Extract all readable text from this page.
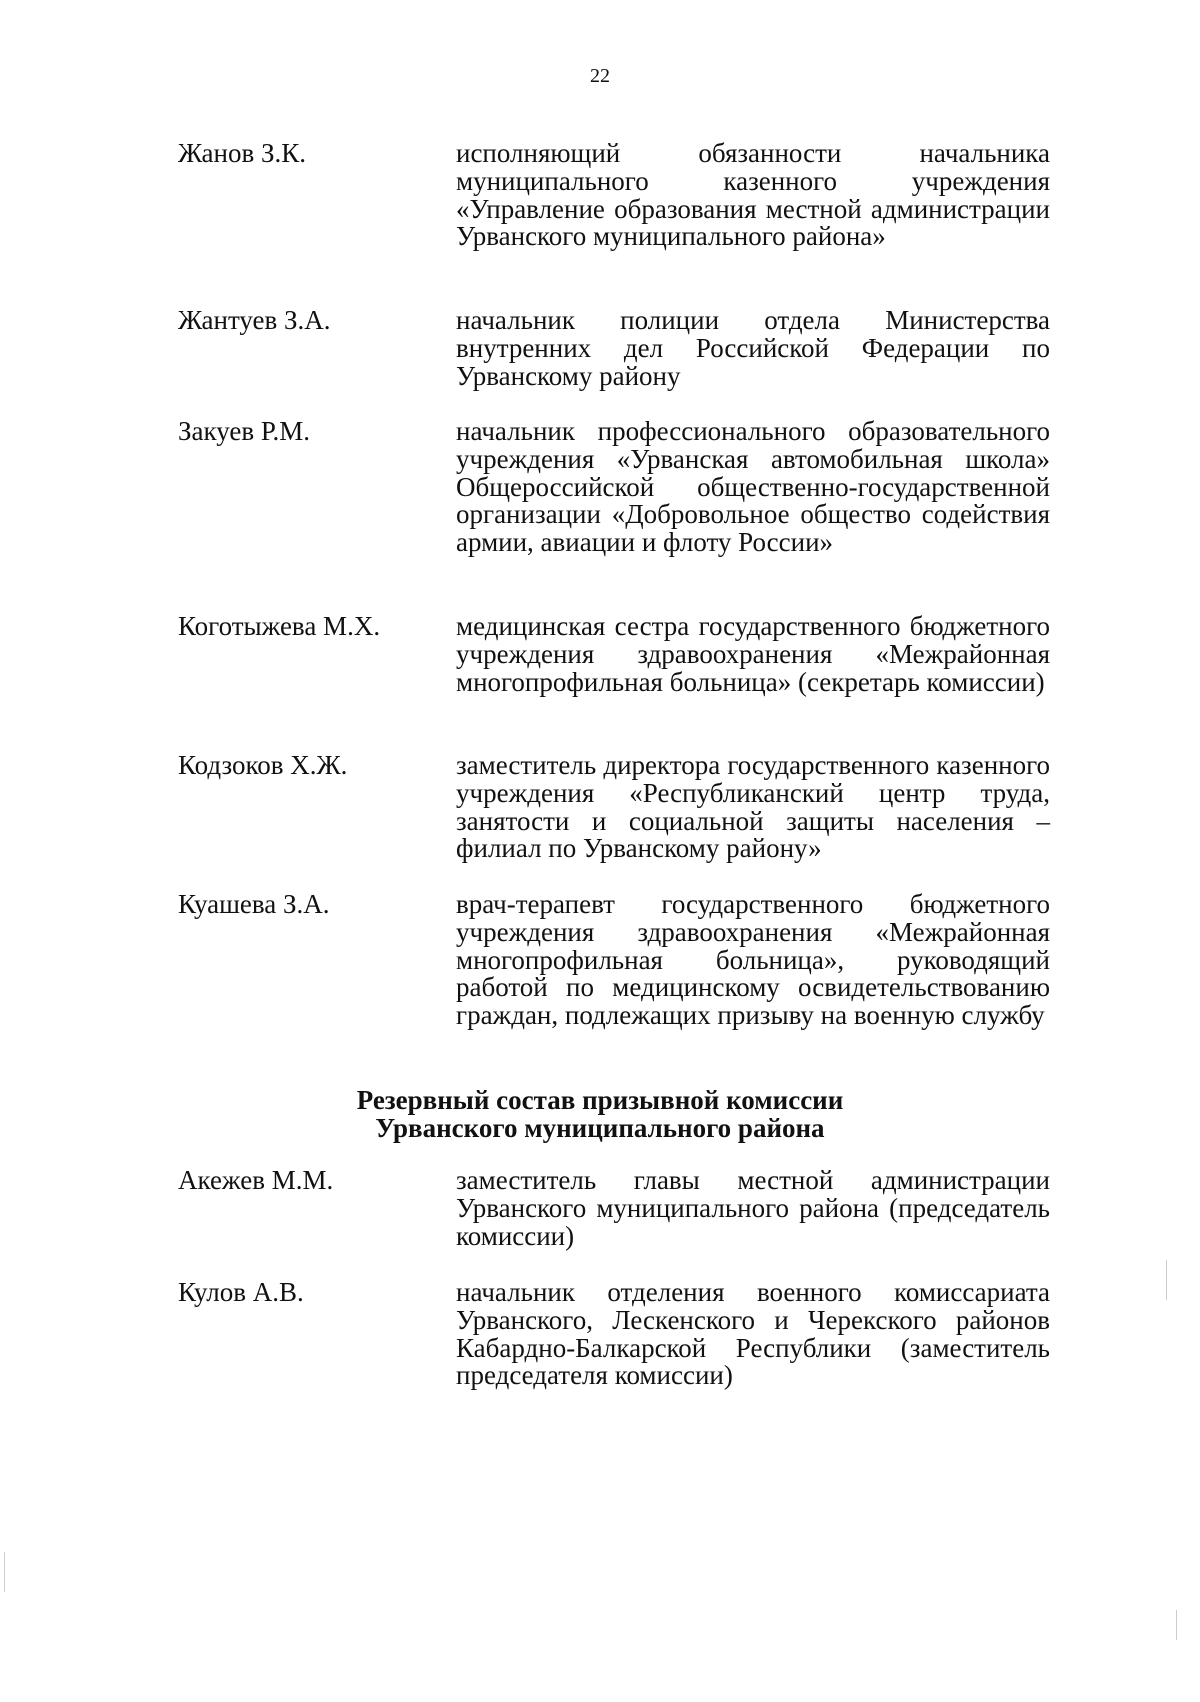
22
Жанов З.К.	исполняющий обязанности начальника муниципального казенного учреждения «Управление образования местной администрации Урванского муниципального района»
Жантуев З.А.	начальник полиции отдела Министерства внутренних дел Российской Федерации по Урванскому району
Закуев Р.М.	начальник профессионального образовательного учреждения «Урванская автомобильная школа» Общероссийской общественно-государственной организации «Добровольное общество содействия армии, авиации и флоту России»
Коготыжева М.Х.	медицинская сестра государственного бюджетного учреждения здравоохранения «Межрайонная многопрофильная больница» (секретарь комиссии)
Кодзоков Х.Ж.	заместитель директора государственного казенного учреждения «Республиканский центр труда, занятости и социальной защиты населения – филиал по Урванскому району»
Куашева З.А.	врач-терапевт государственного бюджетного учреждения здравоохранения «Межрайонная многопрофильная больница», руководящий работой по медицинскому освидетельствованию граждан, подлежащих призыву на военную службу
Резервный состав призывной комиссии
Урванского муниципального района
Акежев М.М.	заместитель главы местной администрации Урванского муниципального района (председатель комиссии)
Кулов А.В.	начальник отделения военного комиссариата Урванского, Лескенского и Черекского районов Кабардно-Балкарской Республики (заместитель председателя комиссии)
